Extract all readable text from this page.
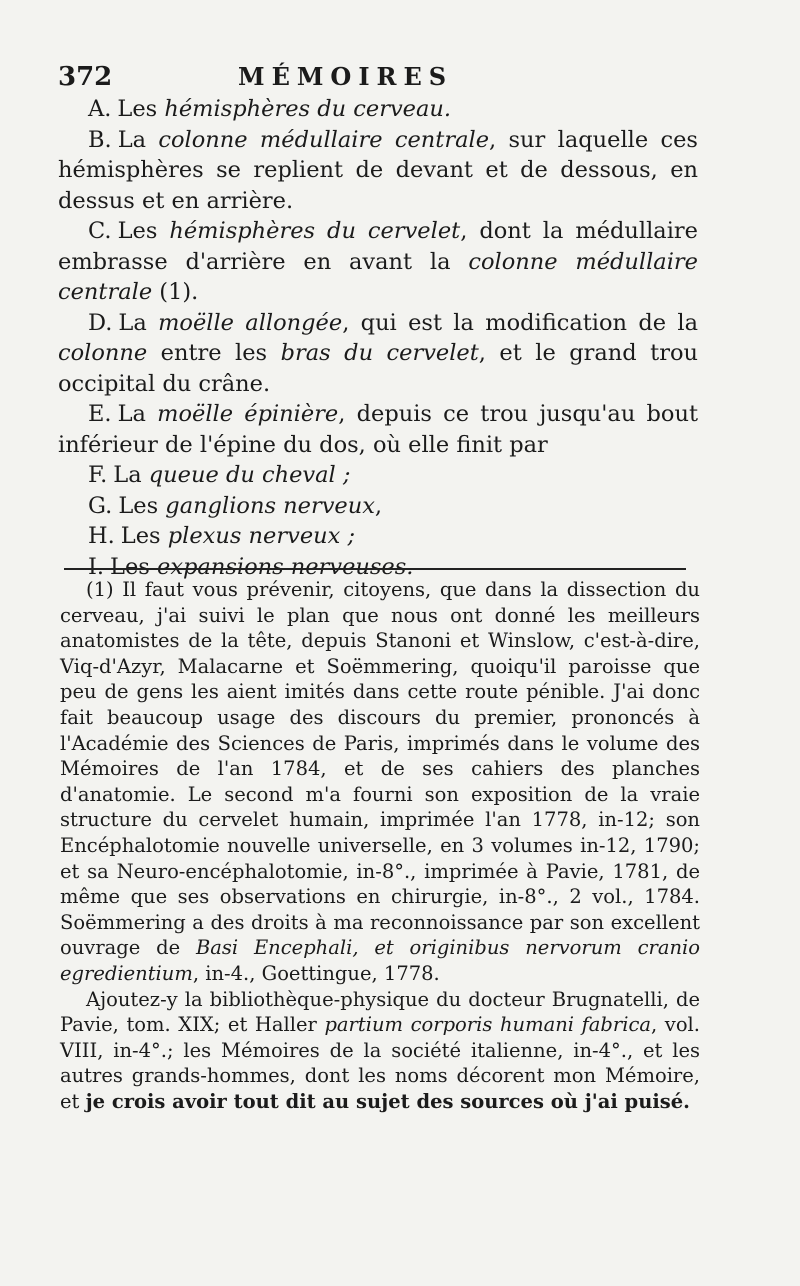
372	MÉMOIRES

A. Les hémisphères du cerveau.

B. La colonne médullaire centrale, sur laquelle ces hémisphères se replient de devant et de dessous, en dessus et en arrière.

C. Les hémisphères du cervelet, dont la médullaire embrasse d'arrière en avant la colonne médullaire centrale (1).

D. La moëlle allongée, qui est la modification de la colonne entre les bras du cervelet, et le grand trou occipital du crâne.

E. La moëlle épinière, depuis ce trou jusqu'au bout inférieur de l'épine du dos, où elle finit par

F. La queue du cheval ;

G. Les ganglions nerveux,

H. Les plexus nerveux ;

I. Les expansions nerveuses.

(1) Il faut vous prévenir, citoyens, que dans la dissection du cerveau, j'ai suivi le plan que nous ont donné les meilleurs anatomistes de la tête, depuis Stanoni et Winslow, c'est-à-dire, Viq-d'Azyr, Malacarne et Soëmmering, quoiqu'il paroisse que peu de gens les aient imités dans cette route pénible. J'ai donc fait beaucoup usage des discours du premier, prononcés à l'Académie des Sciences de Paris, imprimés dans le volume des Mémoires de l'an 1784, et de ses cahiers des planches d'anatomie. Le second m'a fourni son exposition de la vraie structure du cervelet humain, imprimée l'an 1778, in-12; son Encéphalotomie nouvelle universelle, en 3 volumes in-12, 1790; et sa Neuro-encéphalotomie, in-8°., imprimée à Pavie, 1781, de même que ses observations en chirurgie, in-8°., 2 vol., 1784. Soëmmering a des droits à ma reconnoissance par son excellent ouvrage de Basi Encephali, et originibus nervorum cranio egredientium, in-4., Goettingue, 1778.

Ajoutez-y la bibliothèque-physique du docteur Brugnatelli, de Pavie, tom. XIX; et Haller partium corporis humani fabrica, vol. VIII, in-4°.; les Mémoires de la société italienne, in-4°., et les autres grands-hommes, dont les noms décorent mon Mémoire, et je crois avoir tout dit au sujet des sources où j'ai puisé.
